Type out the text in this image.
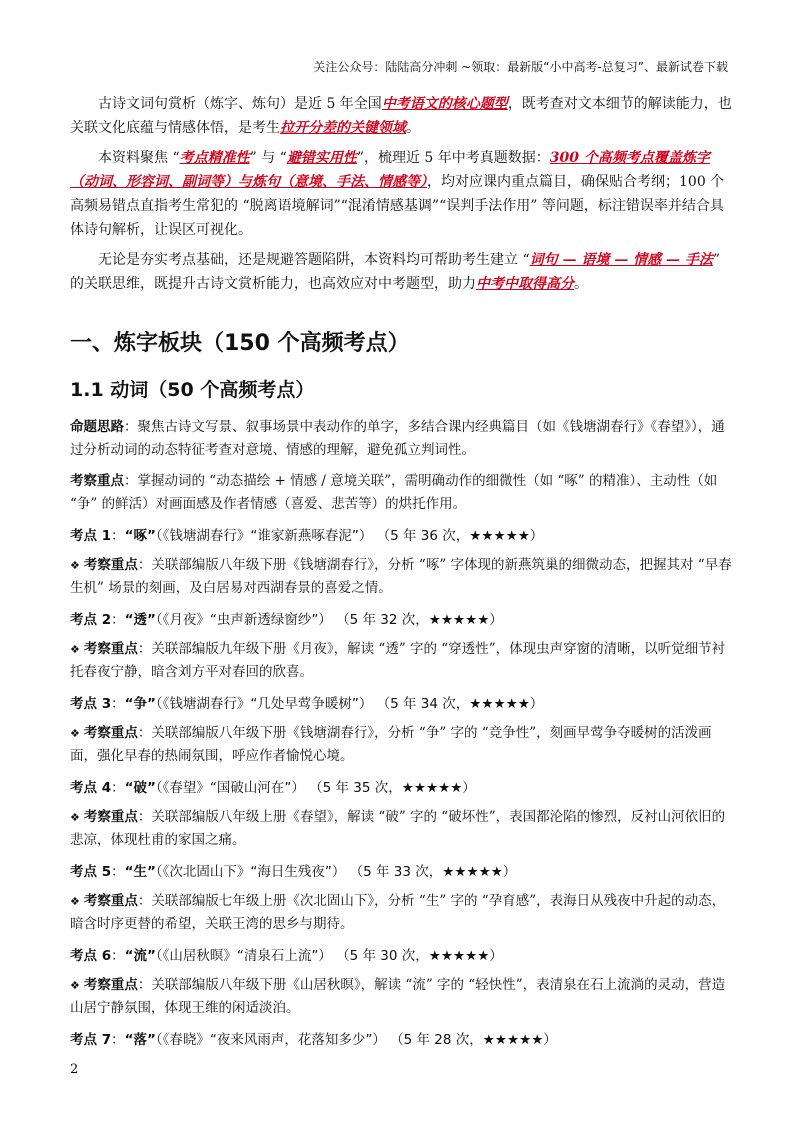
关注公众号：陆陆高分冲刺 ~领取：最新版“小中高考-总复习”、最新试卷下载

古诗文词句赏析（炼字、炼句）是近 5 年全国中考语文的核心题型，既考查对文本细节的解读能力，也关联文化底蕴与情感体悟，是考生拉开分差的关键领域。

本资料聚焦 “考点精准性” 与 “避错实用性”，梳理近 5 年中考真题数据：300 个高频考点覆盖炼字（动词、形容词、副词等）与炼句（意境、手法、情感等），均对应课内重点篇目，确保贴合考纲；100 个高频易错点直指考生常犯的 “脱离语境解词”“混淆情感基调”“误判手法作用” 等问题，标注错误率并结合具体诗句解析，让误区可视化。

无论是夯实考点基础，还是规避答题陷阱，本资料均可帮助考生建立 “词句 — 语境 — 情感 — 手法” 的关联思维，既提升古诗文赏析能力，也高效应对中考题型，助力中考中取得高分。

一、炼字板块（150 个高频考点）
1.1 动词（50 个高频考点）

命题思路：聚焦古诗文写景、叙事场景中表动作的单字，多结合课内经典篇目（如《钱塘湖春行》《春望》），通过分析动词的动态特征考查对意境、情感的理解，避免孤立判词性。

考察重点：掌握动词的 “动态描绘 + 情感 / 意境关联”，需明确动作的细微性（如 “啄” 的精准）、主动性（如 “争” 的鲜活）对画面感及作者情感（喜爱、悲苦等）的烘托作用。

考点 1：“啄”（《钱塘湖春行》“谁家新燕啄春泥”） （5 年 36 次，★★★★★）
❖ 考察重点：关联部编版八年级下册《钱塘湖春行》，分析 “啄” 字体现的新燕筑巢的细微动态，把握其对 “早春生机” 场景的刻画，及白居易对西湖春景的喜爱之情。
考点 2：“透”（《月夜》“虫声新透绿窗纱”） （5 年 32 次，★★★★★）
❖ 考察重点：关联部编版九年级下册《月夜》，解读 “透” 字的 “穿透性”，体现虫声穿窗的清晰，以听觉细节衬托春夜宁静，暗含刘方平对春回的欣喜。
考点 3：“争”（《钱塘湖春行》“几处早莺争暖树”） （5 年 34 次，★★★★★）
❖ 考察重点：关联部编版八年级下册《钱塘湖春行》，分析 “争” 字的 “竞争性”，刻画早莺争夺暖树的活泼画面，强化早春的热闹氛围，呼应作者愉悦心境。
考点 4：“破”（《春望》“国破山河在”） （5 年 35 次，★★★★★）
❖ 考察重点：关联部编版八年级上册《春望》，解读 “破” 字的 “破坏性”，表国都沦陷的惨烈，反衬山河依旧的悲凉，体现杜甫的家国之痛。
考点 5：“生”（《次北固山下》“海日生残夜”） （5 年 33 次，★★★★★）
❖ 考察重点：关联部编版七年级上册《次北固山下》，分析 “生” 字的 “孕育感”，表海日从残夜中升起的动态，暗含时序更替的希望，关联王湾的思乡与期待。
考点 6：“流”（《山居秋暝》“清泉石上流”） （5 年 30 次，★★★★★）
❖ 考察重点：关联部编版八年级下册《山居秋暝》，解读 “流” 字的 “轻快性”，表清泉在石上流淌的灵动，营造山居宁静氛围，体现王维的闲适淡泊。
考点 7：“落”（《春晓》“夜来风雨声，花落知多少”） （5 年 28 次，★★★★★）
2
